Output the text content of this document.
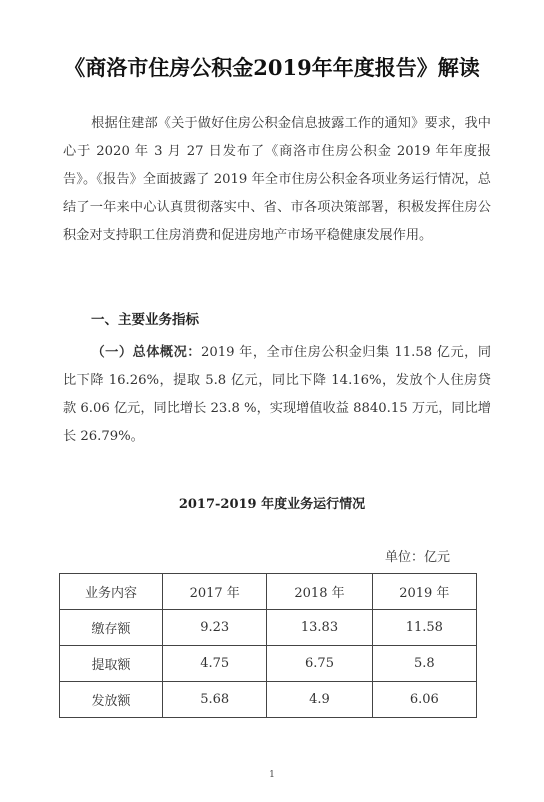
《商洛市住房公积金2019年年度报告》解读
根据住建部《关于做好住房公积金信息披露工作的通知》要求，我中心于 2020 年 3 月 27 日发布了《商洛市住房公积金 2019 年年度报告》。《报告》全面披露了 2019 年全市住房公积金各项业务运行情况，总结了一年来中心认真贯彻落实中、省、市各项决策部署，积极发挥住房公积金对支持职工住房消费和促进房地产市场平稳健康发展作用。
一、主要业务指标
（一）总体概况：2019 年，全市住房公积金归集 11.58 亿元，同比下降 16.26%，提取 5.8 亿元，同比下降 14.16%，发放个人住房贷款 6.06 亿元，同比增长 23.8 %，实现增值收益 8840.15 万元，同比增长 26.79%。
2017-2019 年度业务运行情况
单位：亿元
业务内容	2017 年	2018 年	2019 年
缴存额	9.23	13.83	11.58
提取额	4.75	6.75	5.8
发放额	5.68	4.9	6.06
1
